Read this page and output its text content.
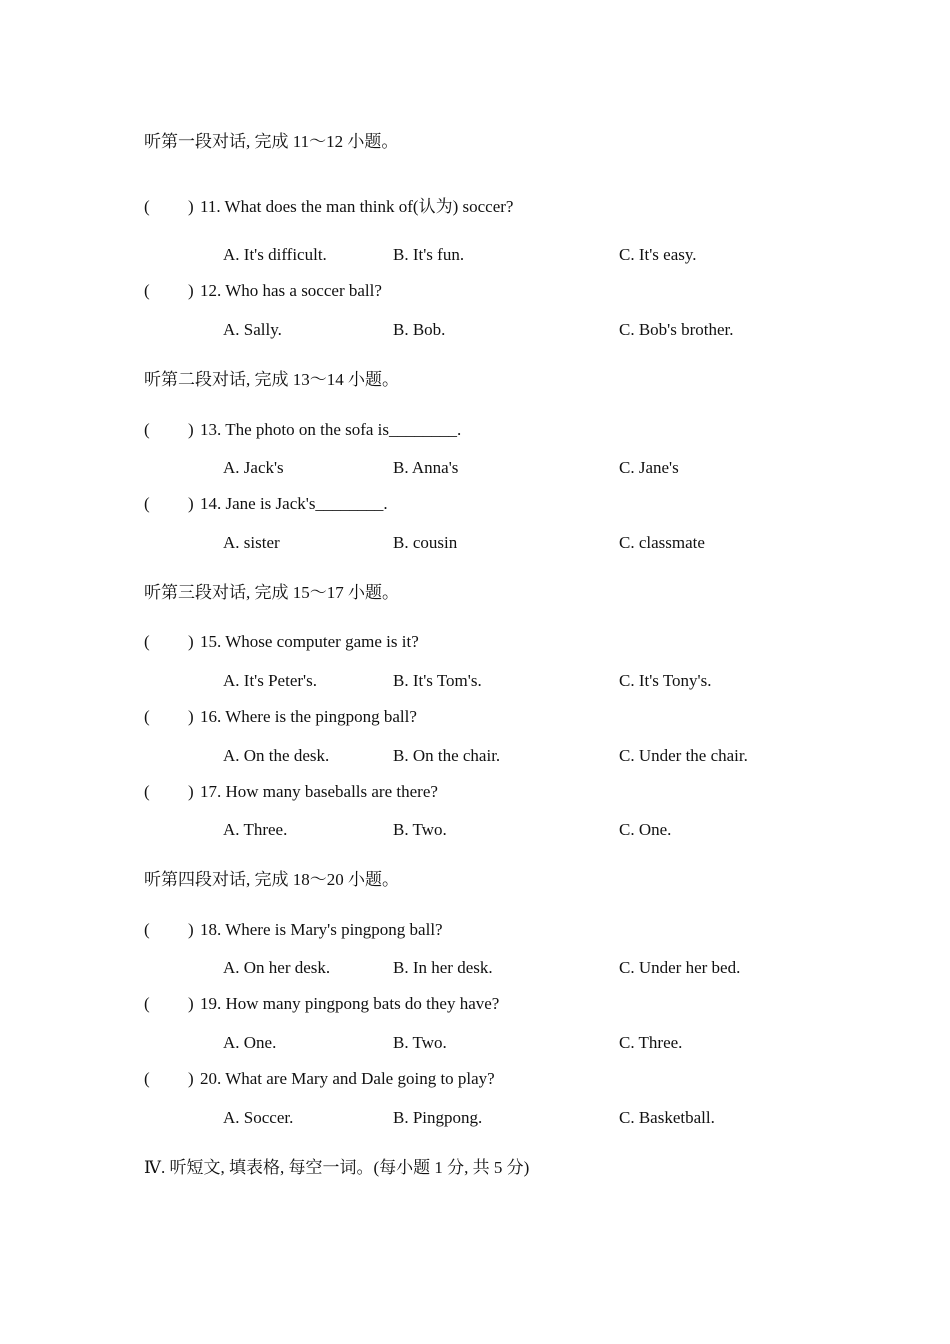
听第一段对话, 完成 11～12 小题。
( ) 11. What does the man think of(认为) soccer?
A. It's difficult.	B. It's fun.	C. It's easy.
( ) 12. Who has a soccer ball?
A. Sally.	B. Bob.	C. Bob's brother.
听第二段对话, 完成 13～14 小题。
( ) 13. The photo on the sofa is________.
A. Jack's	B. Anna's	C. Jane's
( ) 14. Jane is Jack's________.
A. sister	B. cousin	C. classmate
听第三段对话, 完成 15～17 小题。
( ) 15. Whose computer game is it?
A. It's Peter's.	B. It's Tom's.	C. It's Tony's.
( ) 16. Where is the pingpong ball?
A. On the desk.	B. On the chair.	C. Under the chair.
( ) 17. How many baseballs are there?
A. Three.	B. Two.	C. One.
听第四段对话, 完成 18～20 小题。
( ) 18. Where is Mary's pingpong ball?
A. On her desk.	B. In her desk.	C. Under her bed.
( ) 19. How many pingpong bats do they have?
A. One.	B. Two.	C. Three.
( ) 20. What are Mary and Dale going to play?
A. Soccer.	B. Pingpong.	C. Basketball.
Ⅳ. 听短文, 填表格, 每空一词。(每小题 1 分, 共 5 分)
